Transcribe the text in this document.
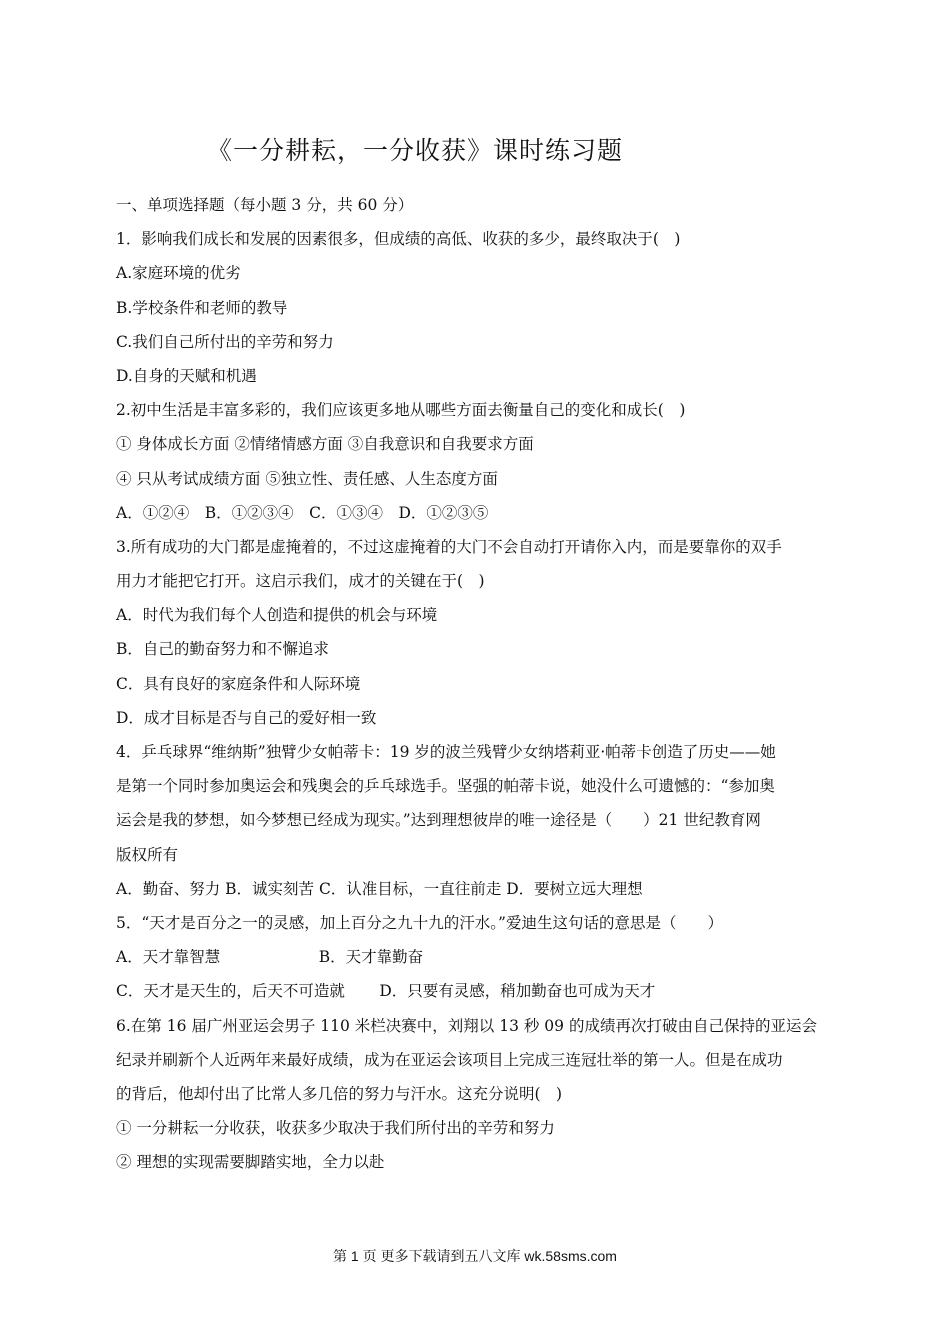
《一分耕耘，一分收获》课时练习题
一、单项选择题（每小题 3 分，共 60 分）
1．影响我们成长和发展的因素很多，但成绩的高低、收获的多少，最终取决于(　)
A.家庭环境的优劣
B.学校条件和老师的教导
C.我们自己所付出的辛劳和努力
D.自身的天赋和机遇
2.初中生活是丰富多彩的，我们应该更多地从哪些方面去衡量自己的变化和成长(　)
① 身体成长方面 ②情绪情感方面 ③自我意识和自我要求方面
④ 只从考试成绩方面 ⑤独立性、责任感、人生态度方面
A．①②④　B．①②③④　C．①③④　D．①②③⑤
3.所有成功的大门都是虚掩着的，不过这虚掩着的大门不会自动打开请你入内，而是要靠你的双手
用力才能把它打开。这启示我们，成才的关键在于(　)
A．时代为我们每个人创造和提供的机会与环境
B．自己的勤奋努力和不懈追求
C．具有良好的家庭条件和人际环境
D．成才目标是否与自己的爱好相一致
4．乒乓球界“维纳斯”独臂少女帕蒂卡：19 岁的波兰残臂少女纳塔莉亚·帕蒂卡创造了历史——她
是第一个同时参加奥运会和残奥会的乒乓球选手。坚强的帕蒂卡说，她没什么可遗憾的：“参加奥
运会是我的梦想，如今梦想已经成为现实。”达到理想彼岸的唯一途径是（　　）21 世纪教育网
版权所有
A．勤奋、努力 B．诚实刻苦 C．认准目标，一直往前走 D．要树立远大理想
5．“天才是百分之一的灵感，加上百分之九十九的汗水。”爱迪生这句话的意思是（　　）
A．天才靠智慧                    B．天才靠勤奋
C．天才是天生的，后天不可造就       D．只要有灵感，稍加勤奋也可成为天才
6.在第 16 届广州亚运会男子 110 米栏决赛中，刘翔以 13 秒 09 的成绩再次打破由自己保持的亚运会
纪录并刷新个人近两年来最好成绩，成为在亚运会该项目上完成三连冠壮举的第一人。但是在成功
的背后，他却付出了比常人多几倍的努力与汗水。这充分说明(　)
① 一分耕耘一分收获，收获多少取决于我们所付出的辛劳和努力
② 理想的实现需要脚踏实地，全力以赴
第 1 页 更多下载请到五八文库 wk.58sms.com
